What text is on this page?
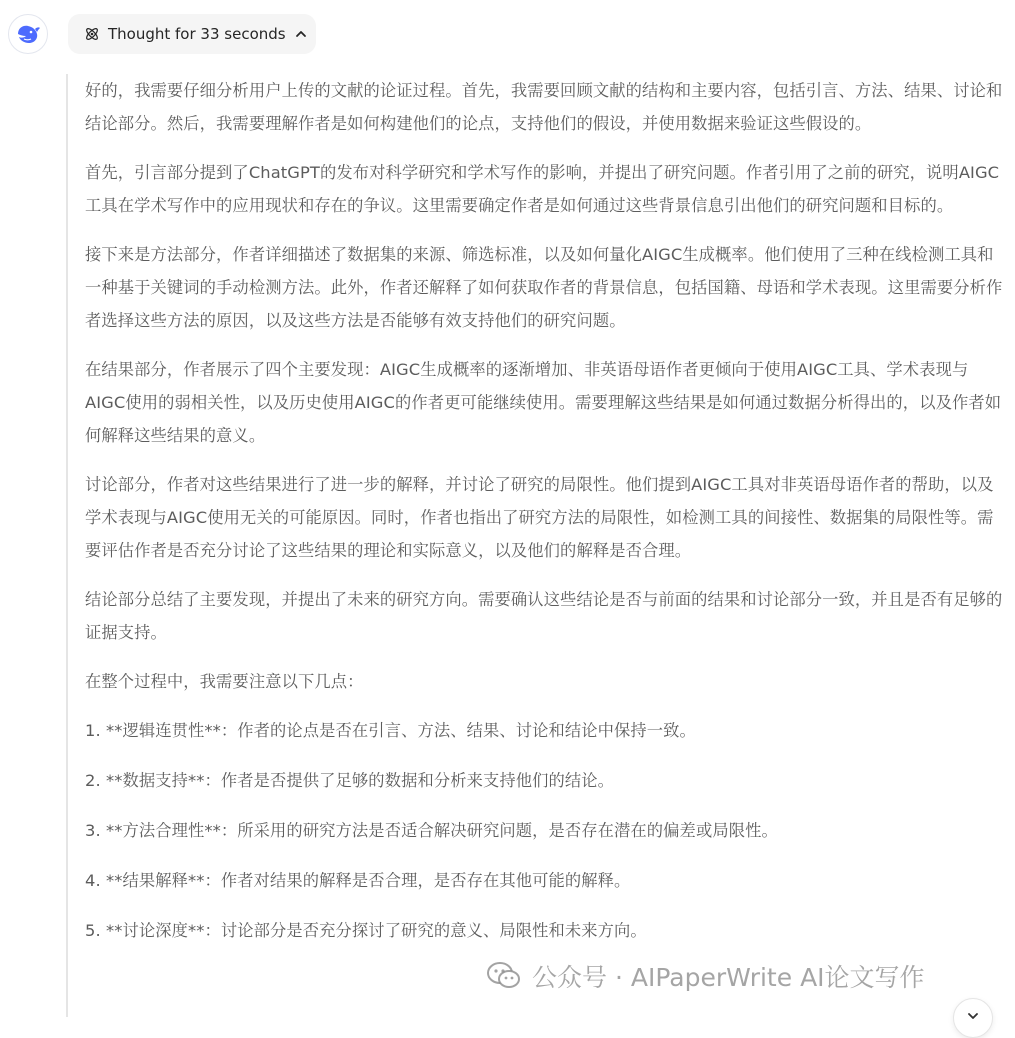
Thought for 33 seconds

好的，我需要仔细分析用户上传的文献的论证过程。首先，我需要回顾文献的结构和主要内容，包括引言、方法、结果、讨论和结论部分。然后，我需要理解作者是如何构建他们的论点，支持他们的假设，并使用数据来验证这些假设的。

首先，引言部分提到了ChatGPT的发布对科学研究和学术写作的影响，并提出了研究问题。作者引用了之前的研究，说明AIGC工具在学术写作中的应用现状和存在的争议。这里需要确定作者是如何通过这些背景信息引出他们的研究问题和目标的。

接下来是方法部分，作者详细描述了数据集的来源、筛选标准，以及如何量化AIGC生成概率。他们使用了三种在线检测工具和一种基于关键词的手动检测方法。此外，作者还解释了如何获取作者的背景信息，包括国籍、母语和学术表现。这里需要分析作者选择这些方法的原因，以及这些方法是否能够有效支持他们的研究问题。

在结果部分，作者展示了四个主要发现：AIGC生成概率的逐渐增加、非英语母语作者更倾向于使用AIGC工具、学术表现与AIGC使用的弱相关性，以及历史使用AIGC的作者更可能继续使用。需要理解这些结果是如何通过数据分析得出的，以及作者如何解释这些结果的意义。

讨论部分，作者对这些结果进行了进一步的解释，并讨论了研究的局限性。他们提到AIGC工具对非英语母语作者的帮助，以及学术表现与AIGC使用无关的可能原因。同时，作者也指出了研究方法的局限性，如检测工具的间接性、数据集的局限性等。需要评估作者是否充分讨论了这些结果的理论和实际意义，以及他们的解释是否合理。

结论部分总结了主要发现，并提出了未来的研究方向。需要确认这些结论是否与前面的结果和讨论部分一致，并且是否有足够的证据支持。

在整个过程中，我需要注意以下几点：

1. **逻辑连贯性**：作者的论点是否在引言、方法、结果、讨论和结论中保持一致。

2. **数据支持**：作者是否提供了足够的数据和分析来支持他们的结论。

3. **方法合理性**：所采用的研究方法是否适合解决研究问题，是否存在潜在的偏差或局限性。

4. **结果解释**：作者对结果的解释是否合理，是否存在其他可能的解释。

5. **讨论深度**：讨论部分是否充分探讨了研究的意义、局限性和未来方向。

公众号 · AIPaperWrite AI论文写作
